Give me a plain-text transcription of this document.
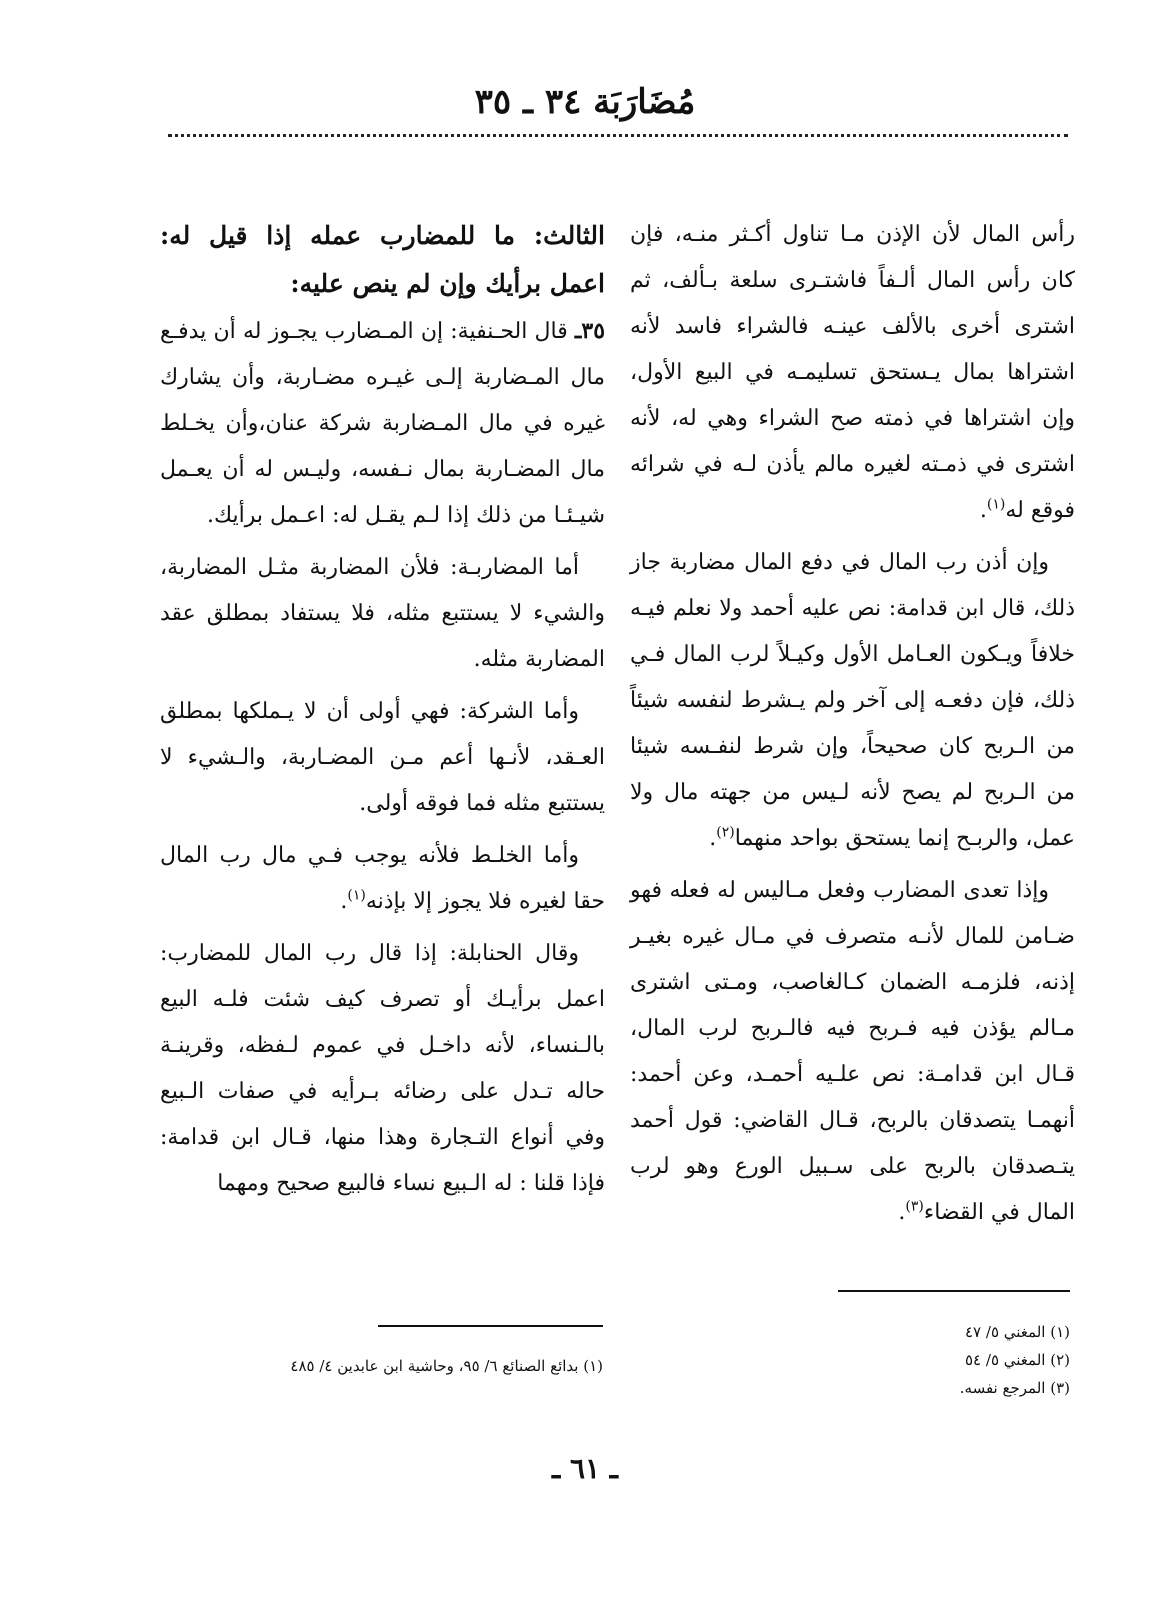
مُضَارَبَة ٣٤ ـ ٣٥

رأس المال لأن الإذن مـا تناول أكـثر منـه، فإن كان رأس المال ألـفاً فاشتـرى سلعة بـألف، ثم اشترى أخرى بالألف عينـه فالشراء فاسد لأنه اشتراها بمال يـستحق تسليمـه في البيع الأول، وإن اشتراها في ذمته صح الشراء وهي له، لأنه اشترى في ذمـته لغيره مالم يأذن لـه في شرائه فوقع له$^{(١)}$.

وإن أذن رب المال في دفع المال مضاربة جاز ذلك، قال ابن قدامة: نص عليه أحمد ولا نعلم فيـه خلافاً ويـكون العـامل الأول وكيـلاً لرب المال فـي ذلك، فإن دفعـه إلى آخر ولم يـشرط لنفسه شيئاً من الـربح كان صحيحاً، وإن شرط لنفـسه شيئا من الـربح لم يصح لأنه لـيس من جهته مال ولا عمل، والربـح إنما يستحق بواحد منهما$^{(٢)}$.

وإذا تعدى المضارب وفعل مـاليس له فعله فهو ضـامن للمال لأنـه متصرف في مـال غيره بغيـر إذنه، فلزمـه الضمان كـالغاصب، ومـتى اشترى مـالم يؤذن فيه فـربح فيه فالـربح لرب المال، قـال ابن قدامـة: نص علـيه أحمـد، وعن أحمد: أنهمـا يتصدقان بالربح، قـال القاضي: قول أحمد يتـصدقان بالربح على سـبيل الورع وهو لرب المال في القضاء$^{(٣)}$.

الثالث: ما للمضارب عمله إذا قيل له: اعمل برأيك وإن لم ينص عليه:

٣٥ـ قال الحـنفية: إن المـضارب يجـوز له أن يدفـع مال المـضاربة إلـى غيـره مضـاربة، وأن يشارك غيره في مال المـضاربة شركة عنان،وأن يخـلط مال المضـاربة بمال نـفسه، وليـس له أن يعـمل شيـئـا من ذلك إذا لـم يقـل له: اعـمل برأيك.

أما المضاربـة: فلأن المضاربة مثـل المضاربة، والشيء لا يستتبع مثله، فلا يستفاد بمطلق عقد المضاربة مثله.

وأما الشركة: فهي أولى أن لا يـملكها بمطلق العـقد، لأنـها أعم مـن المضـاربة، والـشيء لا يستتبع مثله فما فوقه أولى.

وأما الخلـط فلأنه يوجب فـي مال رب المال حقا لغيره فلا يجوز إلا بإذنه$^{(١)}$.

وقال الحنابلة: إذا قال رب المال للمضارب: اعمل برأيـك أو تصرف كيف شئت فلـه البيع بالـنساء، لأنه داخـل في عموم لـفظه، وقرينـة حاله تـدل على رضائه بـرأيه في صفات الـبيع وفي أنواع التـجارة وهذا منها، قـال ابن قدامة: فإذا قلنا : له الـبيع نساء فالبيع صحيح ومهما

(١) المغني ٥/ ٤٧
(٢) المغني ٥/ ٥٤
(٣) المرجع نفسه.
(١) بدائع الصنائع ٦/ ٩٥، وحاشية ابن عابدين ٤/ ٤٨٥
ـ ٦١ ـ
